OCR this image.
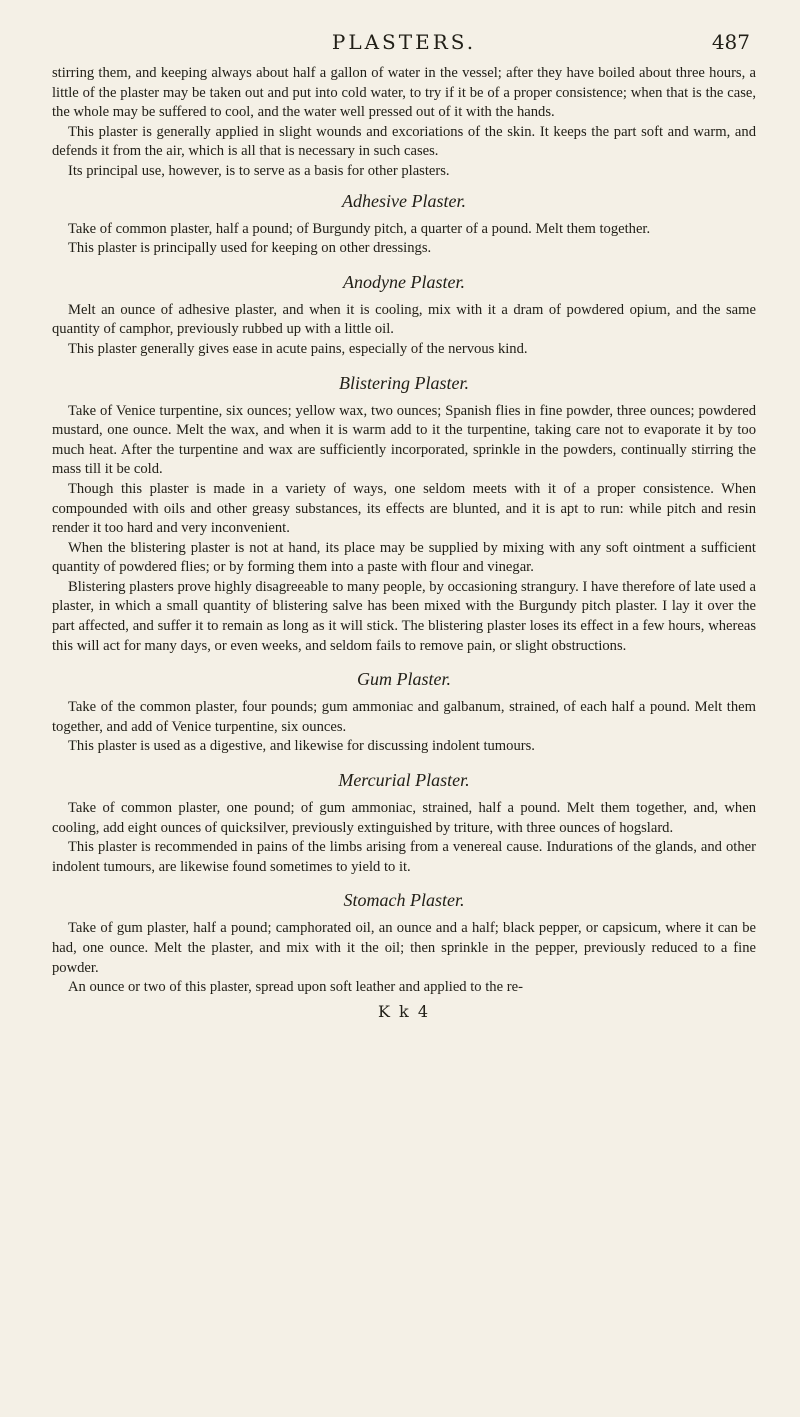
PLASTERS.	487

stirring them, and keeping always about half a gallon of water in the vessel; after they have boiled about three hours, a little of the plaster may be taken out and put into cold water, to try if it be of a proper consistence; when that is the case, the whole may be suffered to cool, and the water well pressed out of it with the hands.

This plaster is generally applied in slight wounds and excoriations of the skin. It keeps the part soft and warm, and defends it from the air, which is all that is necessary in such cases.

Its principal use, however, is to serve as a basis for other plasters.

Adhesive Plaster.

Take of common plaster, half a pound; of Burgundy pitch, a quarter of a pound. Melt them together.

This plaster is principally used for keeping on other dressings.

Anodyne Plaster.

Melt an ounce of adhesive plaster, and when it is cooling, mix with it a dram of powdered opium, and the same quantity of camphor, previously rubbed up with a little oil.

This plaster generally gives ease in acute pains, especially of the nervous kind.

Blistering Plaster.

Take of Venice turpentine, six ounces; yellow wax, two ounces; Spanish flies in fine powder, three ounces; powdered mustard, one ounce. Melt the wax, and when it is warm add to it the turpentine, taking care not to evaporate it by too much heat. After the turpentine and wax are sufficiently incorporated, sprinkle in the powders, continually stirring the mass till it be cold.

Though this plaster is made in a variety of ways, one seldom meets with it of a proper consistence. When compounded with oils and other greasy substances, its effects are blunted, and it is apt to run: while pitch and resin render it too hard and very inconvenient.

When the blistering plaster is not at hand, its place may be supplied by mixing with any soft ointment a sufficient quantity of powdered flies; or by forming them into a paste with flour and vinegar.

Blistering plasters prove highly disagreeable to many people, by occasioning strangury. I have therefore of late used a plaster, in which a small quantity of blistering salve has been mixed with the Burgundy pitch plaster. I lay it over the part affected, and suffer it to remain as long as it will stick. The blistering plaster loses its effect in a few hours, whereas this will act for many days, or even weeks, and seldom fails to remove pain, or slight obstructions.

Gum Plaster.

Take of the common plaster, four pounds; gum ammoniac and galbanum, strained, of each half a pound. Melt them together, and add of Venice turpentine, six ounces.

This plaster is used as a digestive, and likewise for discussing indolent tumours.

Mercurial Plaster.

Take of common plaster, one pound; of gum ammoniac, strained, half a pound. Melt them together, and, when cooling, add eight ounces of quicksilver, previously extinguished by triture, with three ounces of hogslard.

This plaster is recommended in pains of the limbs arising from a venereal cause. Indurations of the glands, and other indolent tumours, are likewise found sometimes to yield to it.

Stomach Plaster.

Take of gum plaster, half a pound; camphorated oil, an ounce and a half; black pepper, or capsicum, where it can be had, one ounce. Melt the plaster, and mix with it the oil; then sprinkle in the pepper, previously reduced to a fine powder.

An ounce or two of this plaster, spread upon soft leather and applied to the re-

K k 4
